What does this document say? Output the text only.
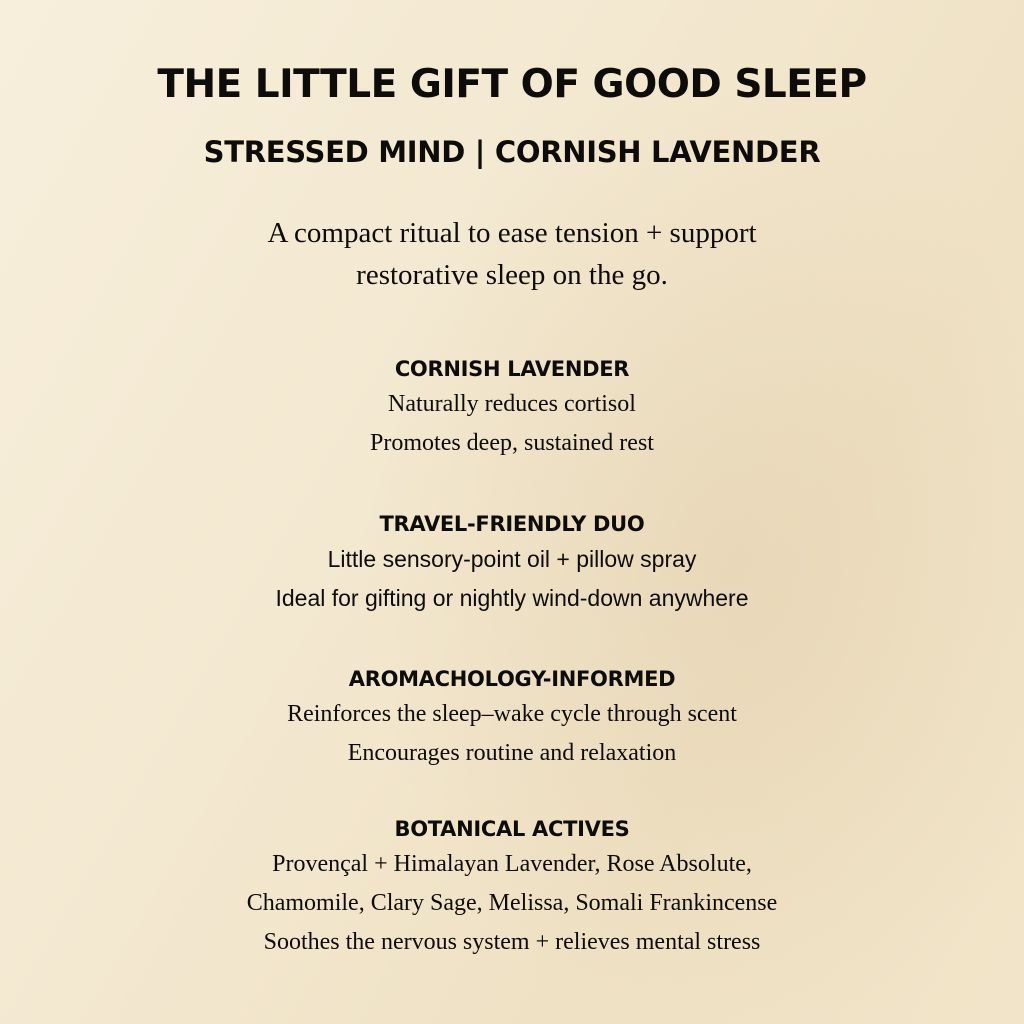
THE LITTLE GIFT OF GOOD SLEEP
STRESSED MIND | CORNISH LAVENDER

A compact ritual to ease tension + support
restorative sleep on the go.

CORNISH LAVENDER
Naturally reduces cortisol
Promotes deep, sustained rest
TRAVEL-FRIENDLY DUO
Little sensory-point oil + pillow spray
Ideal for gifting or nightly wind-down anywhere
AROMACHOLOGY-INFORMED
Reinforces the sleep–wake cycle through scent
Encourages routine and relaxation
BOTANICAL ACTIVES
Provençal + Himalayan Lavender, Rose Absolute,
Chamomile, Clary Sage, Melissa, Somali Frankincense
Soothes the nervous system + relieves mental stress
